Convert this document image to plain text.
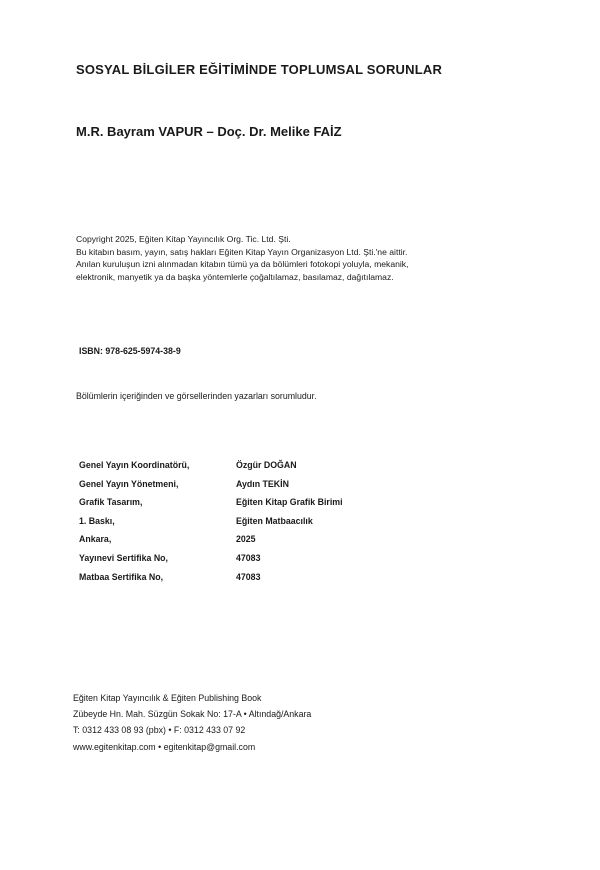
SOSYAL BİLGİLER EĞİTİMİNDE TOPLUMSAL SORUNLAR
M.R. Bayram VAPUR – Doç. Dr. Melike FAİZ
Copyright 2025, Eğiten Kitap Yayıncılık Org. Tic. Ltd. Şti.
Bu kitabın basım, yayın, satış hakları Eğiten Kitap Yayın Organizasyon Ltd. Şti.'ne aittir.
Anılan kuruluşun izni alınmadan kitabın tümü ya da bölümleri fotokopi yoluyla, mekanik,
elektronik, manyetik ya da başka yöntemlerle çoğaltılamaz, basılamaz, dağıtılamaz.
ISBN: 978-625-5974-38-9
Bölümlerin içeriğinden ve görsellerinden yazarları sorumludur.
Genel Yayın Koordinatörü,	Özgür DOĞAN
Genel Yayın Yönetmeni,	Aydın TEKİN
Grafik Tasarım,	Eğiten Kitap Grafik Birimi
1. Baskı,	Eğiten Matbaacılık
Ankara,	2025
Yayınevi Sertifika No,	47083
Matbaa Sertifika No,	47083
Eğiten Kitap Yayıncılık & Eğiten Publishing Book
Zübeyde Hn. Mah. Süzgün Sokak No: 17-A • Altındağ/Ankara
T: 0312 433 08 93 (pbx) • F: 0312 433 07 92
www.egitenkitap.com • egitenkitap@gmail.com
